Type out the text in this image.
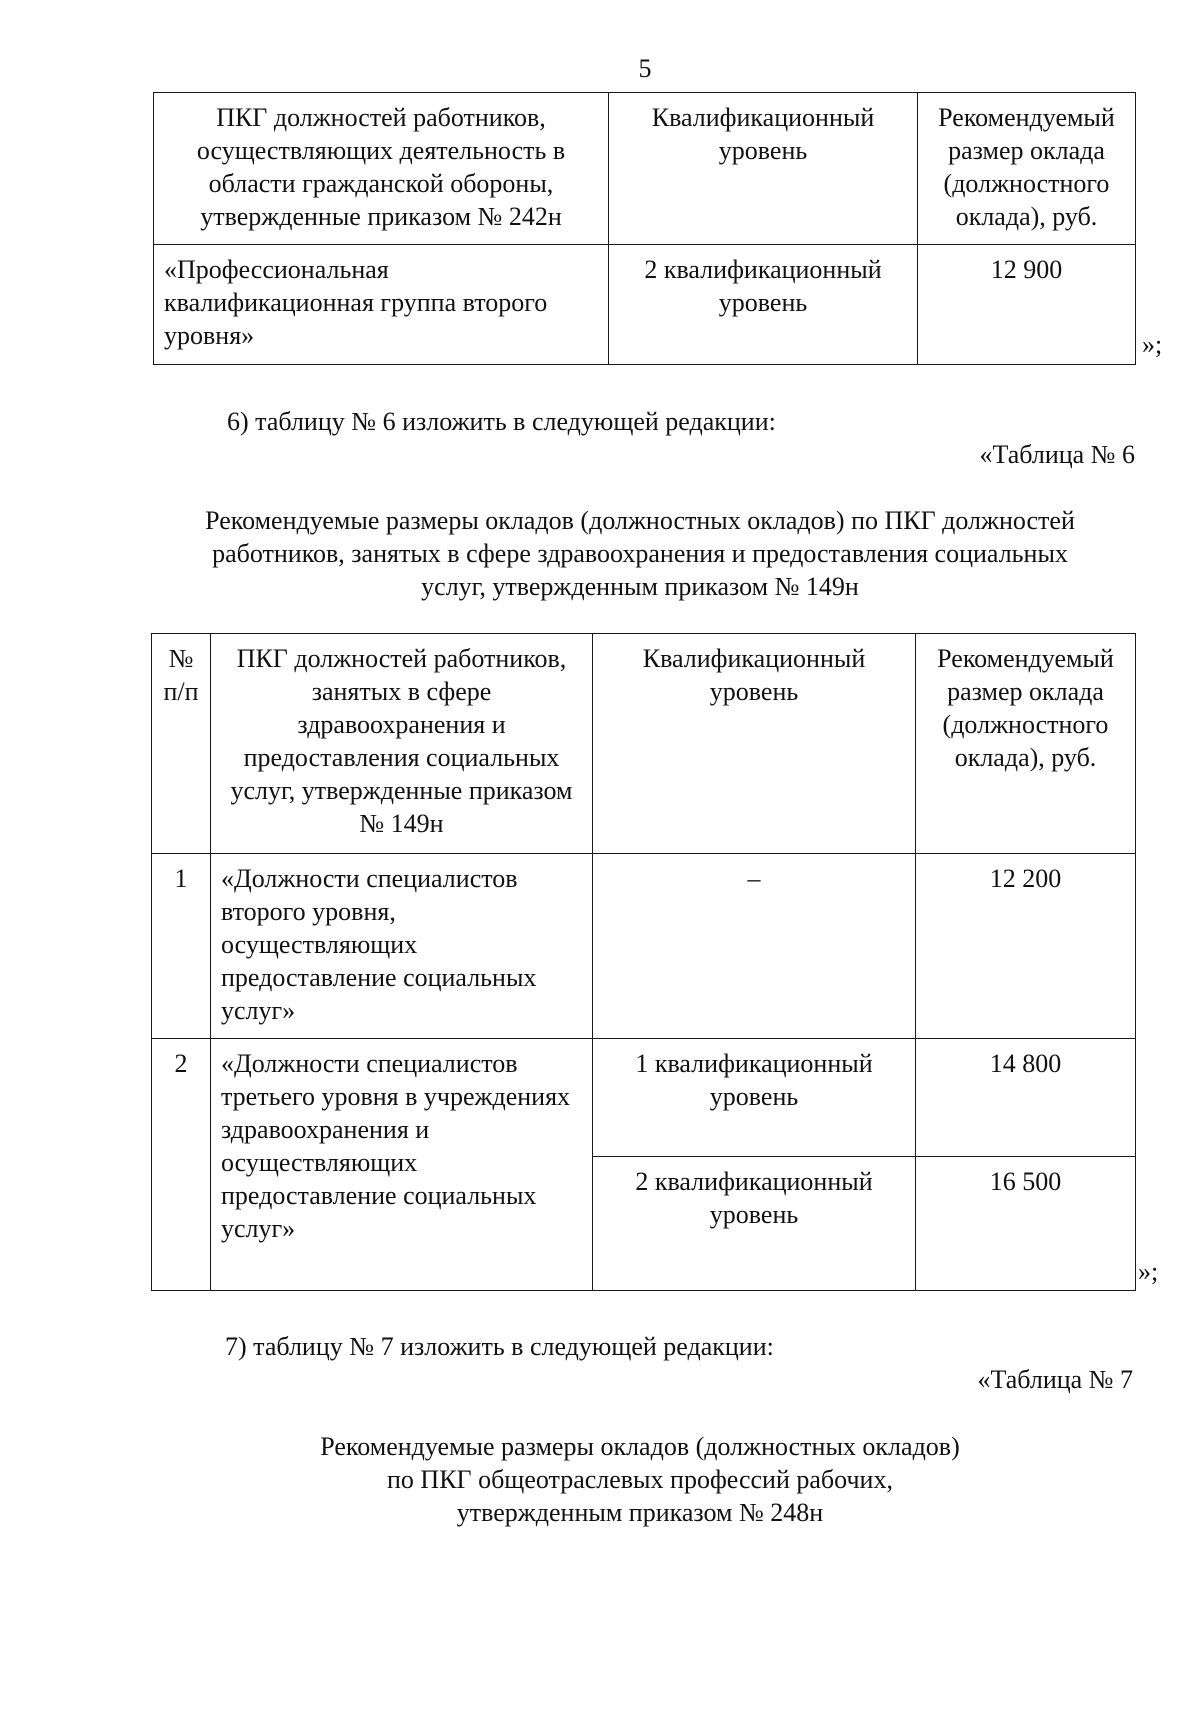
5
ПКГ должностей работников, осуществляющих деятельность в области гражданской обороны, утвержденные приказом № 242н	Квалификационный уровень	Рекомендуемый размер оклада (должностного оклада), руб.

«Профессиональная квалификационная группа второго уровня»	2 квалификационный уровень	12 900
»;
6) таблицу № 6 изложить в следующей редакции:
«Таблица № 6
Рекомендуемые размеры окладов (должностных окладов) по ПКГ должностей
работников, занятых в сфере здравоохранения и предоставления социальных
услуг, утвержденным приказом № 149н
№ п/п	ПКГ должностей работников, занятых в сфере здравоохранения и предоставления социальных услуг, утвержденные приказом № 149н	Квалификационный уровень	Рекомендуемый размер оклада (должностного оклада), руб.

1	«Должности специалистов второго уровня, осуществляющих предоставление социальных услуг»	–	12 200

2	«Должности специалистов третьего уровня в учреждениях здравоохранения и осуществляющих предоставление социальных услуг»	1 квалификационный уровень	14 800

		2 квалификационный уровень	16 500
»;
7) таблицу № 7 изложить в следующей редакции:
«Таблица № 7
Рекомендуемые размеры окладов (должностных окладов)
по ПКГ общеотраслевых профессий рабочих,
утвержденным приказом № 248н
